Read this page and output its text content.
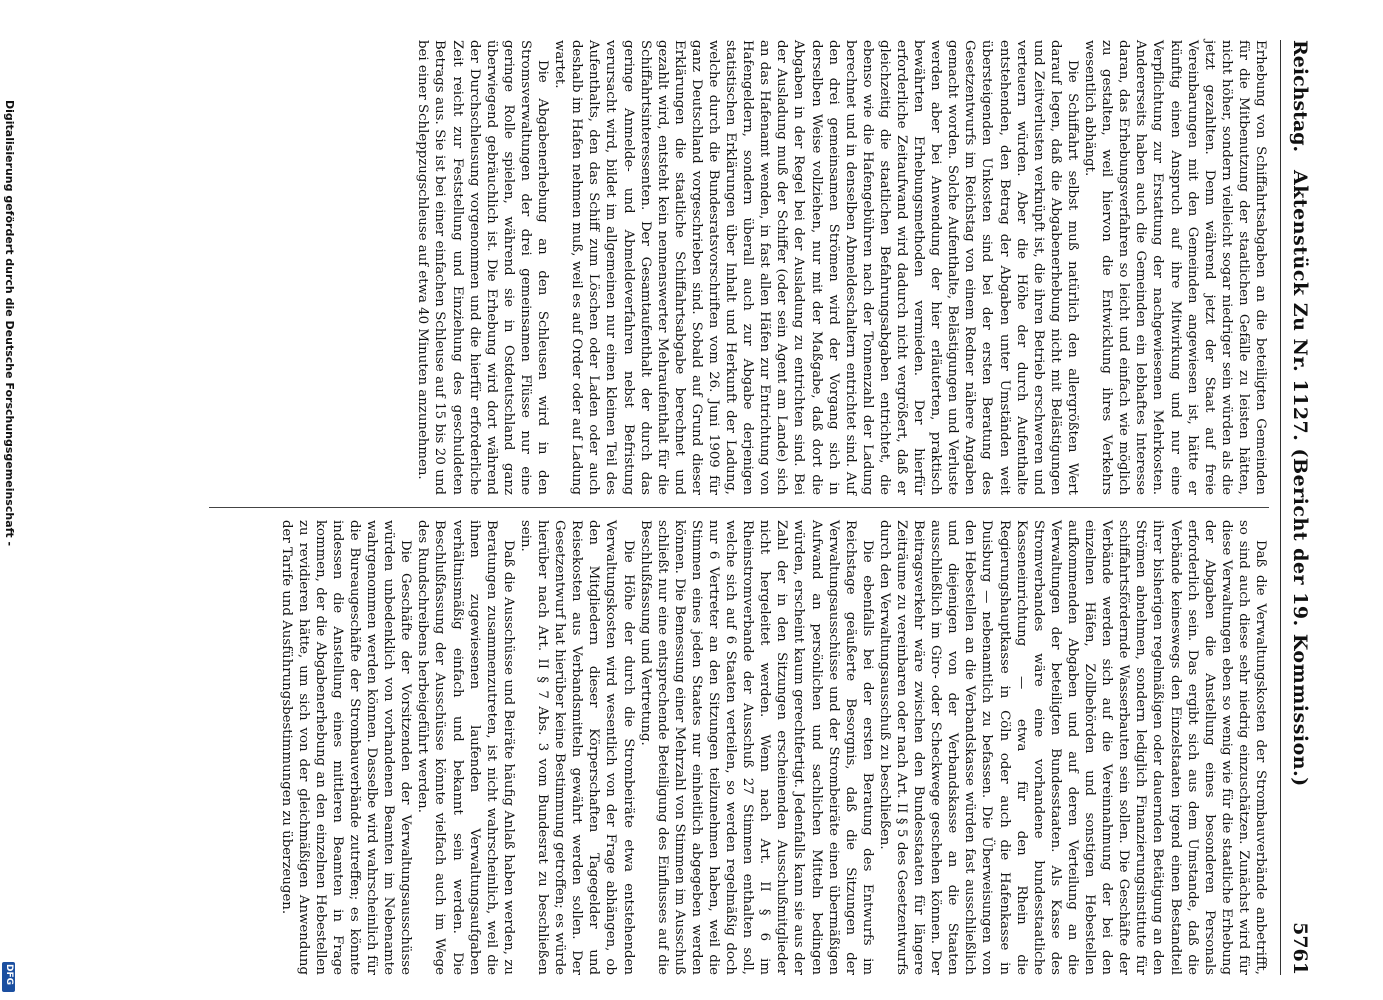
Digitalisierung gefördert durch die Deutsche Forschungsgemeinschaft -
DFG
Reichstag.
Aktenstück Zu Nr. 1127. (Bericht der 19. Kommission.)
5761

Erhebung von Schiffahrtsabgaben an die beteiligten Gemeinden für die Mitbenutzung der staatlichen Gefälle zu leisten hätten, nicht höher, sondern vielleicht sogar niedriger sein würden als die jetzt gezahlten. Denn während jetzt der Staat auf freie Vereinbarungen mit den Gemeinden angewiesen ist, hätte er künftig einen Anspruch auf ihre Mitwirkung und nur eine Verpflichtung zur Erstattung der nachgewiesenen Mehrkosten. Andererseits haben auch die Gemeinden ein lebhaftes Interesse daran, das Erhebungsverfahren so leicht und einfach wie möglich zu gestalten, weil hiervon die Entwicklung ihres Verkehrs wesentlich abhängt.

Die Schiffahrt selbst muß natürlich den allergrößten Wert darauf legen, daß die Abgabenerhebung nicht mit Belästigungen und Zeitverlusten verknüpft ist, die ihren Betrieb erschweren und verteuern würden. Aber die Höhe der durch Aufenthalte entstehenden, den Betrag der Abgaben unter Umständen weit übersteigenden Unkosten sind bei der ersten Beratung des Gesetzentwurfs im Reichstag von einem Redner nähere Angaben gemacht worden. Solche Aufenthalte, Belästigungen und Verluste werden aber bei Anwendung der hier erläuterten, praktisch bewährten Erhebungsmethoden vermieden. Der hierfür erforderliche Zeitaufwand wird dadurch nicht vergrößert, daß er gleichzeitig die staatlichen Befahrungsabgaben entrichtet, die ebenso wie die Hafengebühren nach der Tonnenzahl der Ladung berechnet und in denselben Abmeldeschaltern entrichtet sind. Auf den drei gemeinsamen Strömen wird der Vorgang sich in derselben Weise vollziehen, nur mit der Maßgabe, daß dort die Abgaben in der Regel bei der Ausladung zu entrichten sind. Bei der Ausladung muß der Schiffer (oder sein Agent am Lande) sich an das Hafenamt wenden, in fast allen Häfen zur Entrichtung von Hafengeldern, sondern überall auch zur Abgabe derjenigen statistischen Erklärungen über Inhalt und Herkunft der Ladung, welche durch die Bundesratsvorschriften vom 26. Juni 1909 für ganz Deutschland vorgeschrieben sind. Sobald auf Grund dieser Erklärungen die staatliche Schiffahrtsabgabe berechnet und gezahlt wird, entsteht kein nennenswerter Mehraufenthalt für die Schiffahrtsinteressenten. Der Gesamtaufenthalt der durch das geringe Anmelde- und Abmeldeverfahren nebst Befristung verursacht wird, bildet im allgemeinen nur einen kleinen Teil des Aufenthalts, den das Schiff zum Löschen oder Laden oder auch deshalb im Hafen nehmen muß, weil es auf Order oder auf Ladung wartet.

Die Abgabenerhebung an den Schleusen wird in den Stromsverwaltungen der drei gemeinsamen Flüsse nur eine geringe Rolle spielen, während sie in Ostdeutschland ganz überwiegend gebräuchlich ist. Die Erhebung wird dort während der Durchschleusung vorgenommen und die hierfür erforderliche Zeit reicht zur Feststellung und Einziehung des geschuldeten Betrags aus. Sie ist bei einer einfachen Schleuse auf 15 bis 20 und bei einer Schleppzugschleuse auf etwa 40 Minuten anzunehmen.

Daß die Verwaltungskosten der Strombauverbände anbetrifft, so sind auch diese sehr niedrig einzuschätzen. Zunächst wird für diese Verwaltungen eben so wenig wie für die staatliche Erhebung der Abgaben die Anstellung eines besonderen Personals erforderlich sein. Das ergibt sich aus dem Umstande, daß die Verbände keineswegs den Einzelstaaten irgend einen Bestandteil ihrer bisherigen regelmäßigen oder dauernden Betätigung an den Strömen abnehmen, sondern lediglich Finanzierungsinstitute für schiffahrtsfördernde Wasserbauten sein sollen. Die Geschäfte der Verbände werden sich auf die Vereinnahmung der bei den einzelnen Häfen, Zollbehörden und sonstigen Hebestellen aufkommenden Abgaben und auf deren Verteilung an die Verwaltungen der beteiligten Bundesstaaten. Als Kasse des Stromverbandes wäre eine vorhandene bundesstaatliche Kasseneinrichtung — etwa für den Rhein die Regierungshauptkasse in Cöln oder auch die Hafenkasse in Duisburg — nebenamtlich zu befassen. Die Überweisungen von den Hebestellen an die Verbandskasse würden fast ausschließlich und diejenigen von der Verbandskasse an die Staaten ausschließlich im Giro- oder Scheckwege geschehen können. Der Beitragsverkehr wäre zwischen den Bundesstaaten für längere Zeiträume zu vereinbaren oder nach Art. II § 5 des Gesetzentwurfs durch den Verwaltungsausschuß zu beschließen.

Die ebenfalls bei der ersten Beratung des Entwurfs im Reichstage geäußerte Besorgnis, daß die Sitzungen der Verwaltungsausschüsse und der Strombeiräte einen übermäßigen Aufwand an persönlichen und sachlichen Mitteln bedingen würden, erscheint kaum gerechtfertigt. Jedenfalls kann sie aus der Zahl der in den Sitzungen erscheinenden Ausschußmitglieder nicht hergeleitet werden. Wenn nach Art. II § 6 im Rheinstromverbande der Ausschuß 27 Stimmen enthalten soll, welche sich auf 6 Staaten verteilen, so werden regelmäßig doch nur 6 Vertreter an den Sitzungen teilzunehmen haben, weil die Stimmen eines jeden Staates nur einheitlich abgegeben werden können. Die Bemessung einer Mehrzahl von Stimmen im Ausschuß schließt nur eine entsprechende Beteiligung des Einflusses auf die Beschlußfassung und Vertretung.

Die Höhe der durch die Strombeiräte etwa entstehenden Verwaltungskosten wird wesentlich von der Frage abhängen, ob den Mitgliedern dieser Körperschaften Tagegelder und Reisekosten aus Verbandsmitteln gewährt werden sollen. Der Gesetzentwurf hat hierüber keine Bestimmung getroffen; es würde hierüber nach Art. II § 7 Abs. 3 vom Bundesrat zu beschließen sein.

Daß die Ausschüsse und Beiräte häufig Anlaß haben werden, zu Beratungen zusammenzutreten, ist nicht wahrscheinlich, weil die ihnen zugewiesenen laufenden Verwaltungsaufgaben verhältnismäßig einfach und bekannt sein werden. Die Beschlußfassung der Ausschüsse könnte vielfach auch im Wege des Rundschreibens herbeigeführt werden.

Die Geschäfte der Vorsitzenden der Verwaltungsausschüsse würden unbedenklich von vorhandenen Beamten im Nebenamte wahrgenommen werden können. Dasselbe wird wahrscheinlich für die Bureaugeschäfte der Strombauverbände zutreffen; es könnte indessen die Anstellung eines mittleren Beamten in Frage kommen, der die Abgabenerhebung an den einzelnen Hebestellen zu revidieren hätte, um sich von der gleichmäßigen Anwendung der Tarife und Ausführungsbestimmungen zu überzeugen.
